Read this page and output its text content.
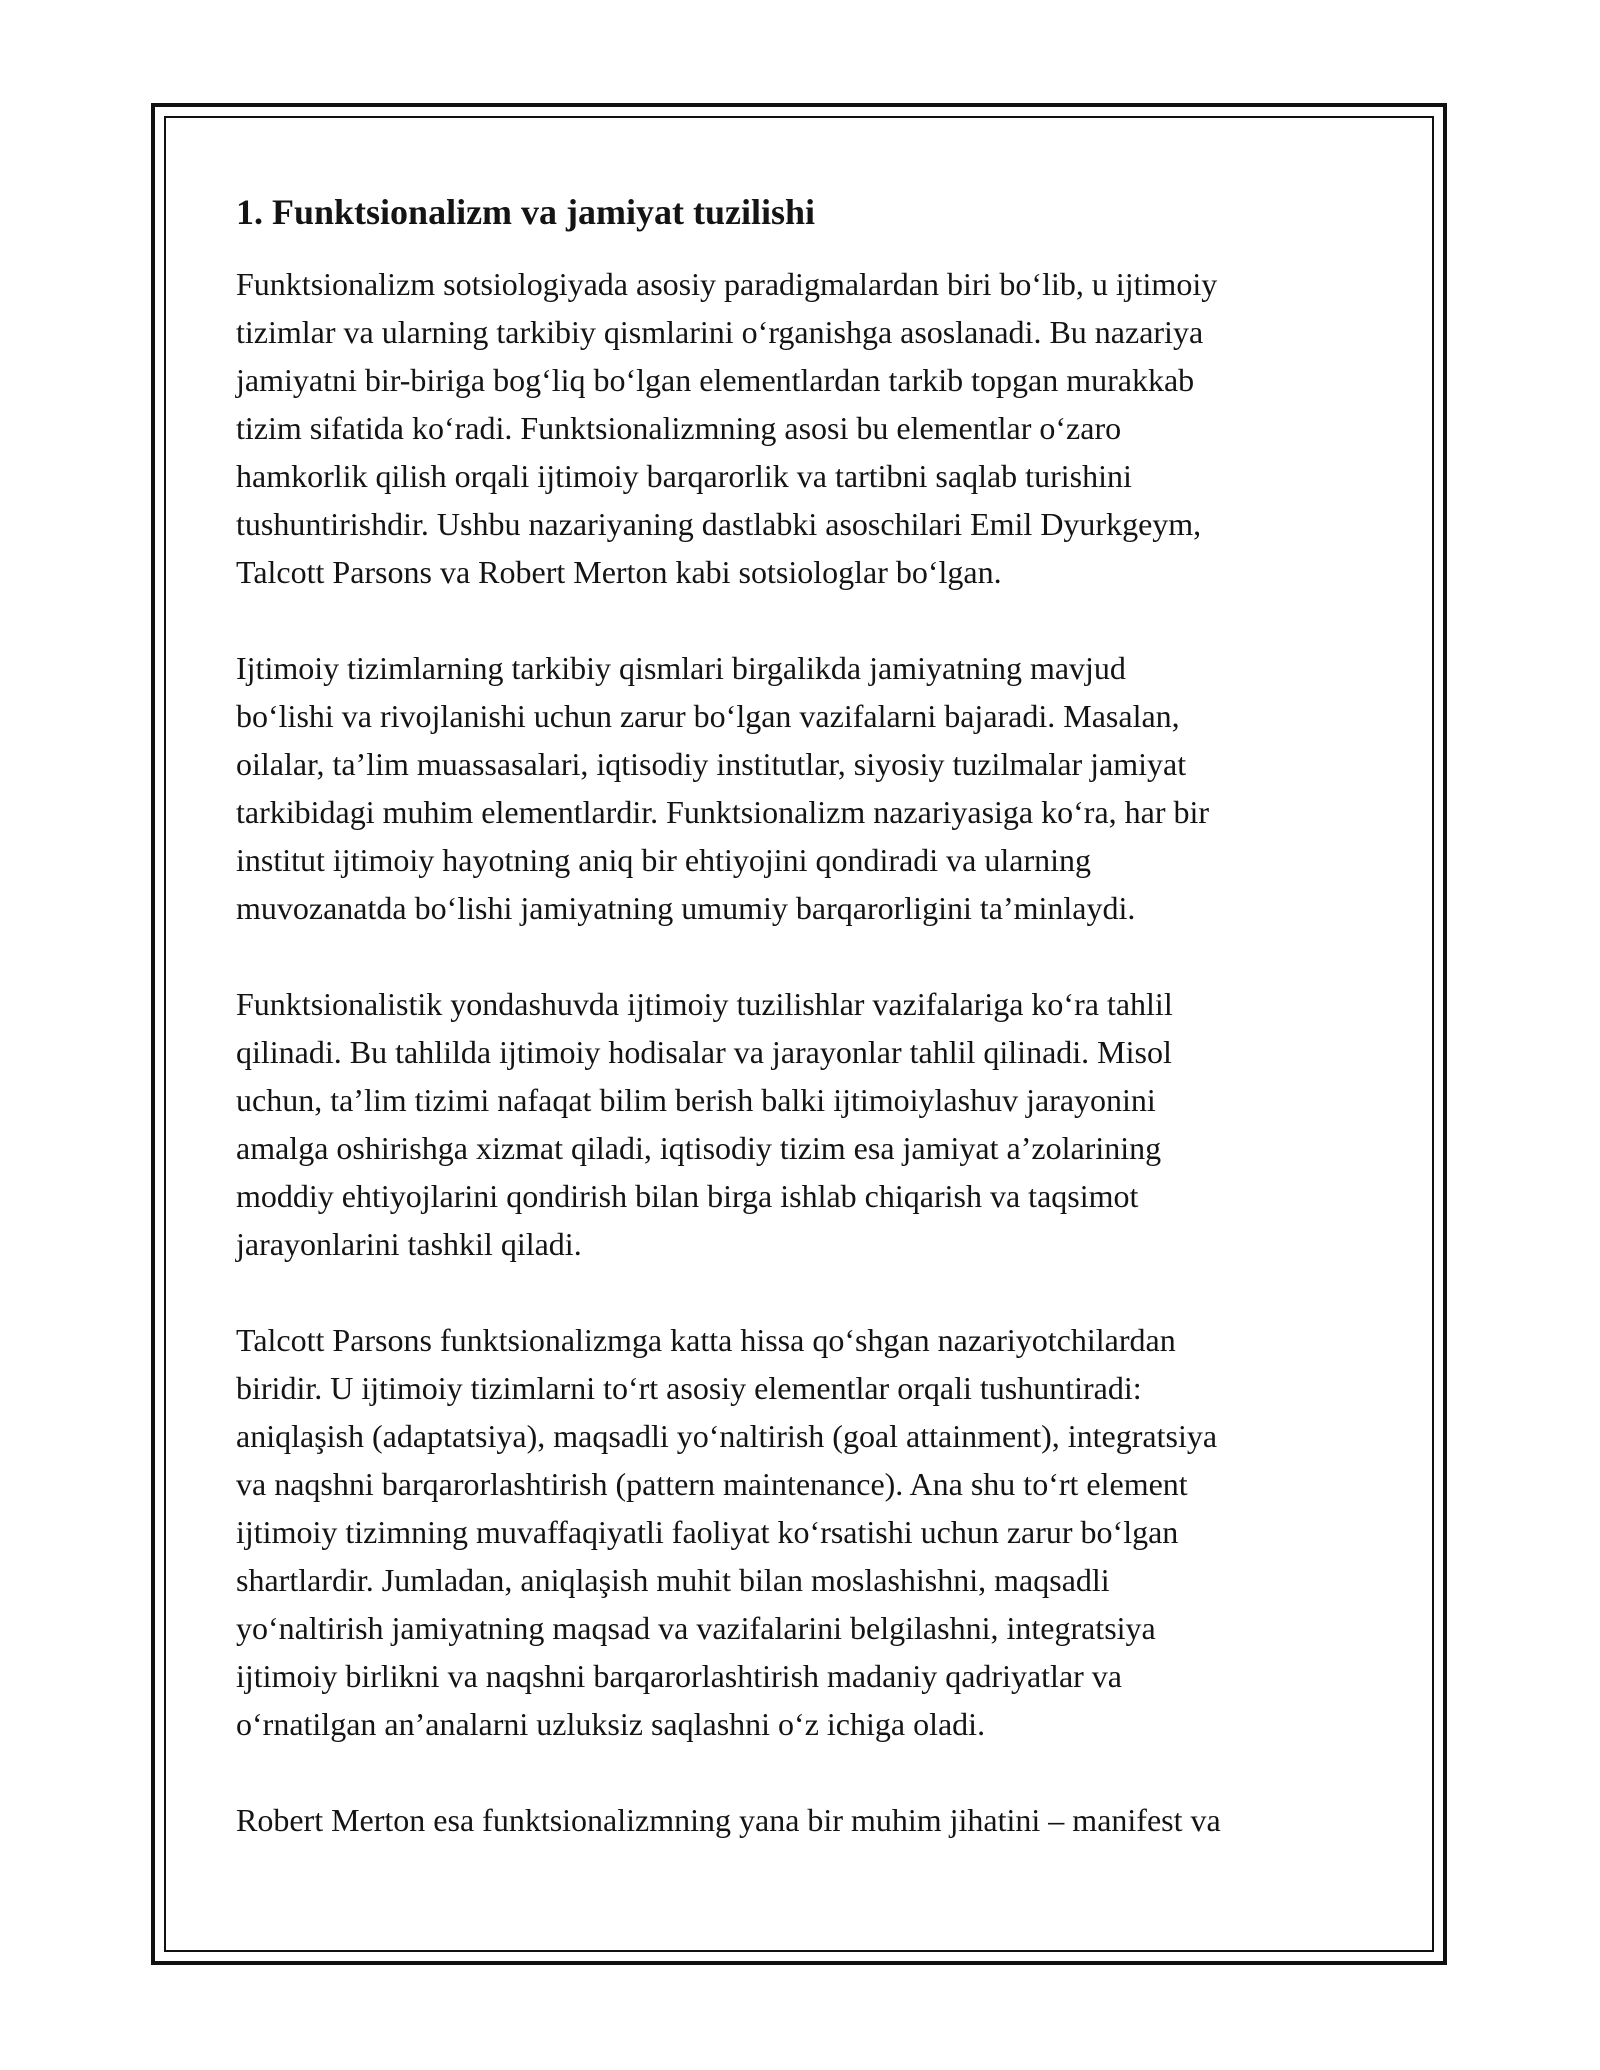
1. Funktsionalizm va jamiyat tuzilishi
Funktsionalizm sotsiologiyada asosiy paradigmalardan biri bo‘lib, u ijtimoiy
tizimlar va ularning tarkibiy qismlarini o‘rganishga asoslanadi. Bu nazariya
jamiyatni bir-biriga bog‘liq bo‘lgan elementlardan tarkib topgan murakkab
tizim sifatida ko‘radi. Funktsionalizmning asosi bu elementlar o‘zaro
hamkorlik qilish orqali ijtimoiy barqarorlik va tartibni saqlab turishini
tushuntirishdir. Ushbu nazariyaning dastlabki asoschilari Emil Dyurkgeym,
Talcott Parsons va Robert Merton kabi sotsiologlar bo‘lgan.
Ijtimoiy tizimlarning tarkibiy qismlari birgalikda jamiyatning mavjud
bo‘lishi va rivojlanishi uchun zarur bo‘lgan vazifalarni bajaradi. Masalan,
oilalar, ta’lim muassasalari, iqtisodiy institutlar, siyosiy tuzilmalar jamiyat
tarkibidagi muhim elementlardir. Funktsionalizm nazariyasiga ko‘ra, har bir
institut ijtimoiy hayotning aniq bir ehtiyojini qondiradi va ularning
muvozanatda bo‘lishi jamiyatning umumiy barqarorligini ta’minlaydi.
Funktsionalistik yondashuvda ijtimoiy tuzilishlar vazifalariga ko‘ra tahlil
qilinadi. Bu tahlilda ijtimoiy hodisalar va jarayonlar tahlil qilinadi. Misol
uchun, ta’lim tizimi nafaqat bilim berish balki ijtimoiylashuv jarayonini
amalga oshirishga xizmat qiladi, iqtisodiy tizim esa jamiyat a’zolarining
moddiy ehtiyojlarini qondirish bilan birga ishlab chiqarish va taqsimot
jarayonlarini tashkil qiladi.
Talcott Parsons funktsionalizmga katta hissa qo‘shgan nazariyotchilardan
biridir. U ijtimoiy tizimlarni to‘rt asosiy elementlar orqali tushuntiradi:
aniqlaşish (adaptatsiya), maqsadli yo‘naltirish (goal attainment), integratsiya
va naqshni barqarorlashtirish (pattern maintenance). Ana shu to‘rt element
ijtimoiy tizimning muvaffaqiyatli faoliyat ko‘rsatishi uchun zarur bo‘lgan
shartlardir. Jumladan, aniqlaşish muhit bilan moslashishni, maqsadli
yo‘naltirish jamiyatning maqsad va vazifalarini belgilashni, integratsiya
ijtimoiy birlikni va naqshni barqarorlashtirish madaniy qadriyatlar va
o‘rnatilgan an’analarni uzluksiz saqlashni o‘z ichiga oladi.
Robert Merton esa funktsionalizmning yana bir muhim jihatini – manifest va
